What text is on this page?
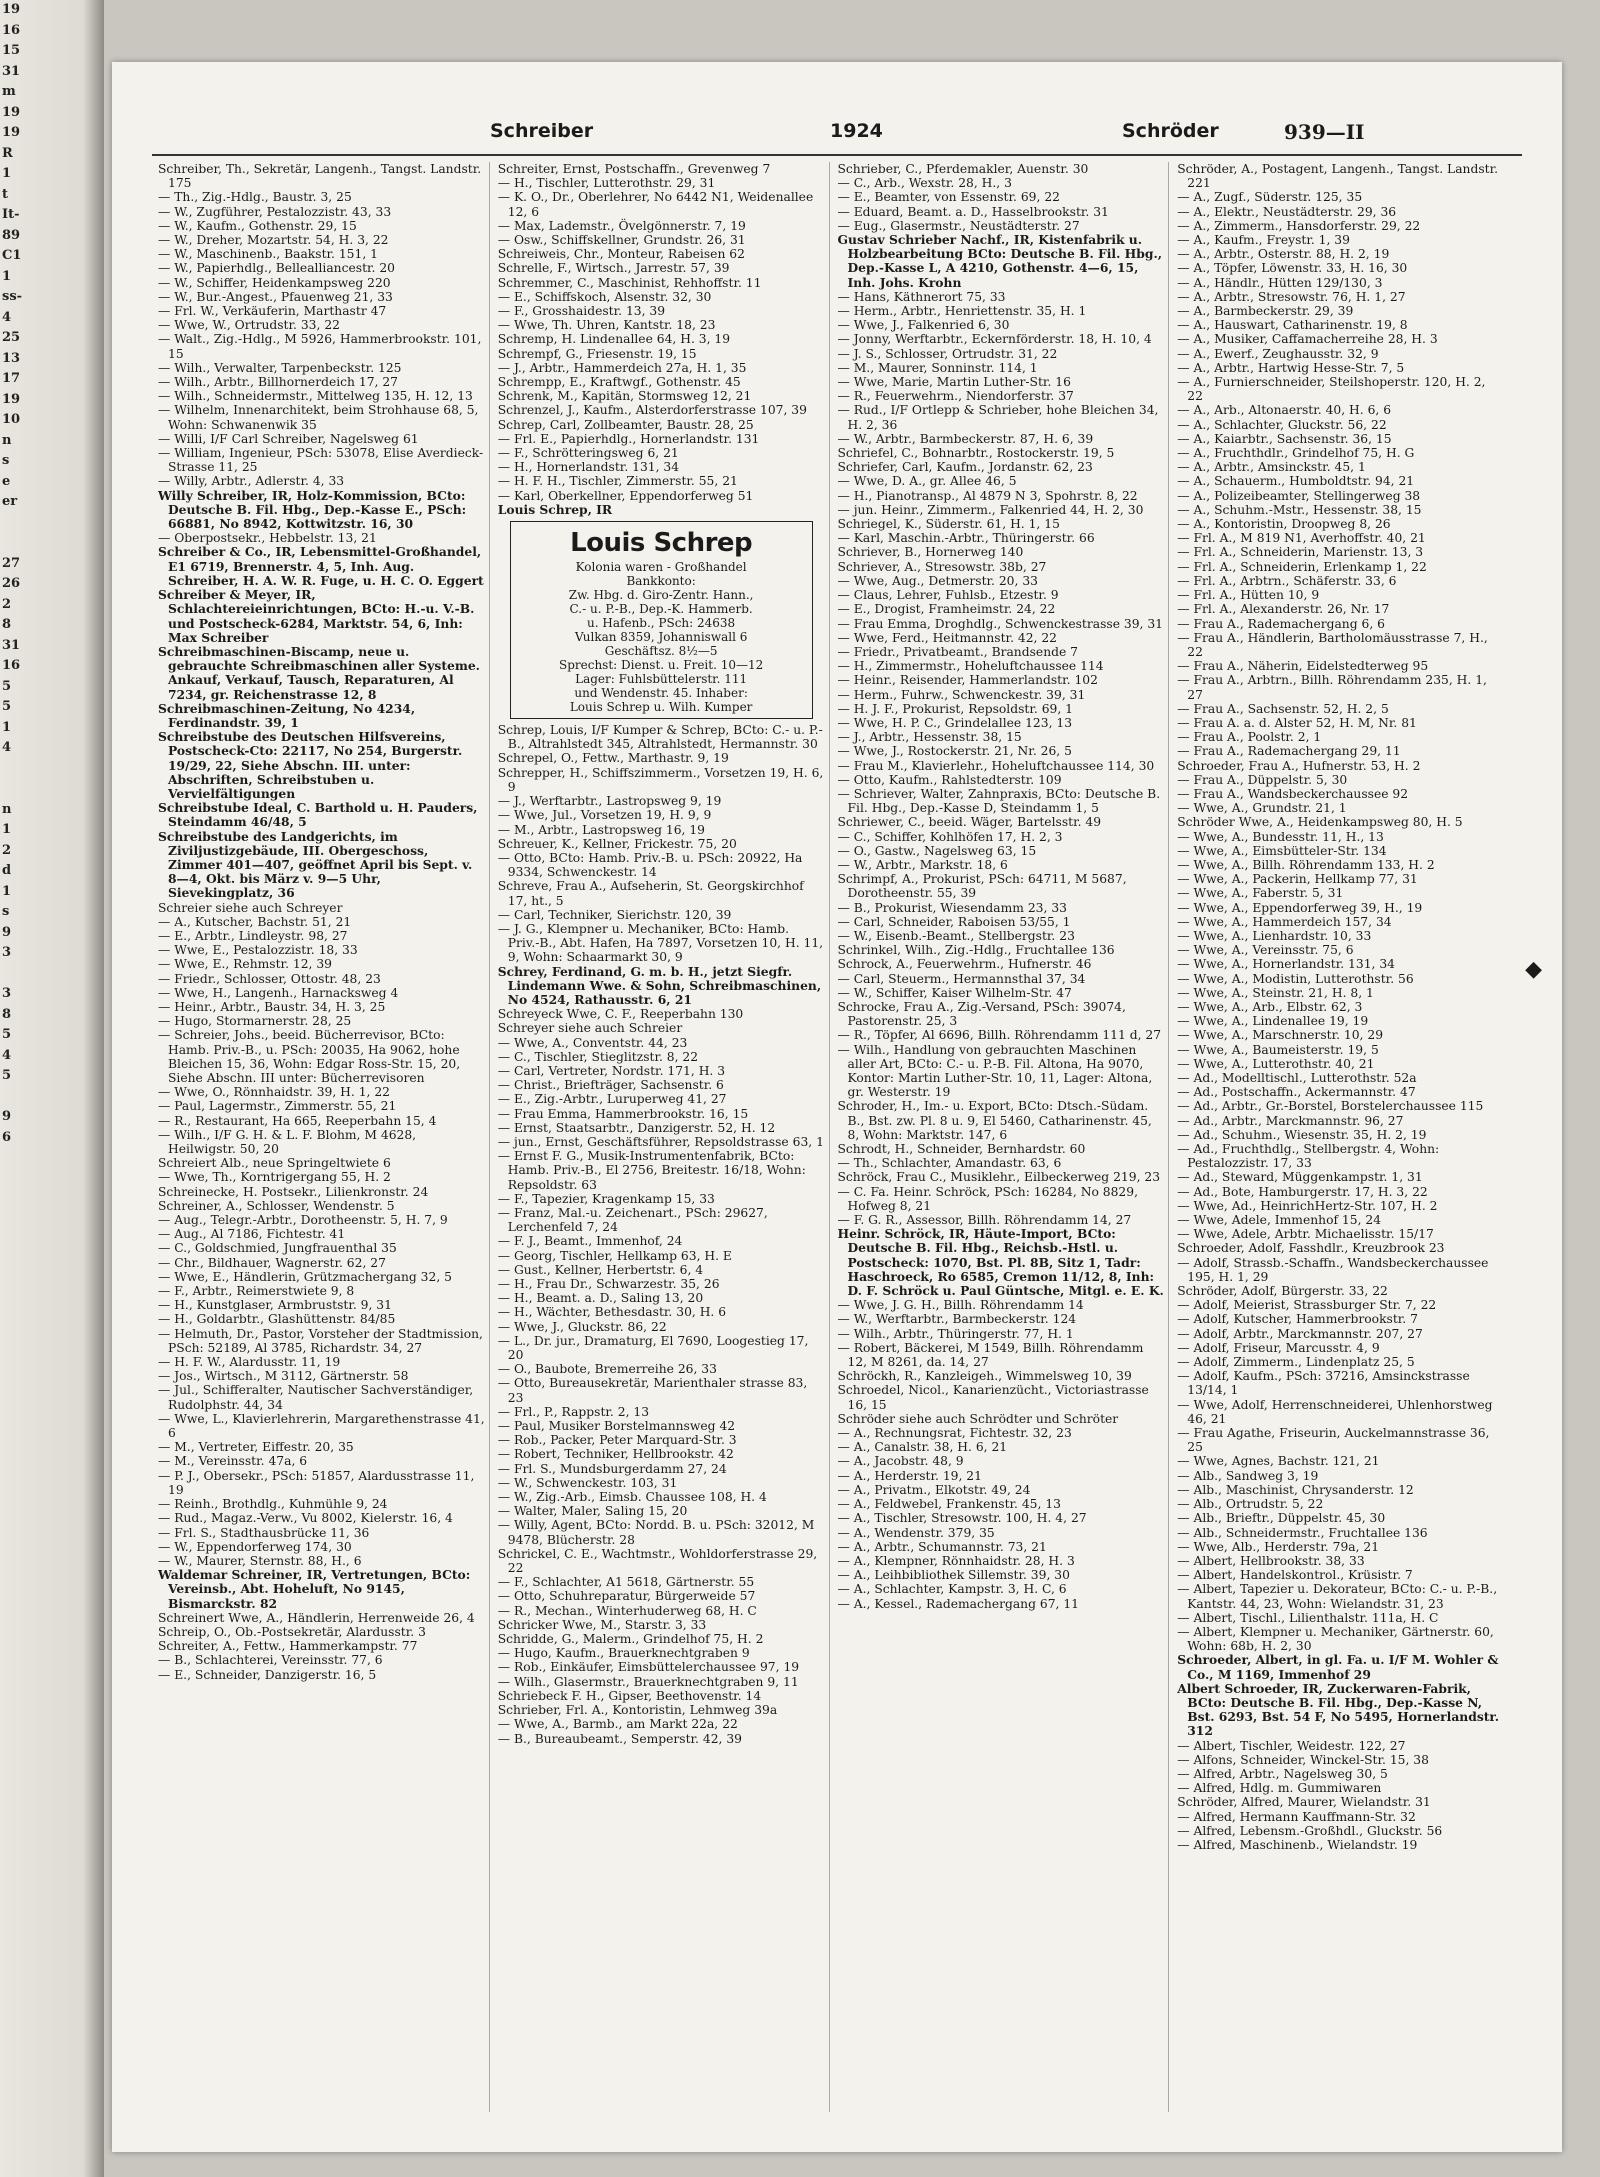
19
16
15
31
m
19
19
R
1
t
It-
89
C1
1
ss-
4
25
13
17
19
10
n
s
e
er
27
26
2
8
31
16
5
5
1
4
n
1
2
d
1
s
9
3
3
8
5
4
5
9
6
Schreiber	1924	Schröder	939—II

Schreiber, Th., Sekretär, Langenh., Tangst. Landstr. 175

— Th., Zig.-Hdlg., Baustr. 3, 25

— W., Zugführer, Pestalozzistr. 43, 33

— W., Kaufm., Gothenstr. 29, 15

— W., Dreher, Mozartstr. 54, H. 3, 22

— W., Maschinenb., Baakstr. 151, 1

— W., Papierhdlg., Bellealliancestr. 20

— W., Schiffer, Heidenkampsweg 220

— W., Bur.-Angest., Pfauenweg 21, 33

— Frl. W., Verkäuferin, Marthastr 47

— Wwe, W., Ortrudstr. 33, 22

— Walt., Zig.-Hdlg., M 5926, Hammerbrookstr. 101, 15

— Wilh., Verwalter, Tarpenbeckstr. 125

— Wilh., Arbtr., Billhornerdeich 17, 27

— Wilh., Schneidermstr., Mittelweg 135, H. 12, 13

— Wilhelm, Innenarchitekt, beim Strohhause 68, 5, Wohn: Schwanenwik 35

— Willi, I/F Carl Schreiber, Nagelsweg 61

— William, Ingenieur, PSch: 53078, Elise Averdieck-Strasse 11, 25

— Willy, Arbtr., Adlerstr. 4, 33

Willy Schreiber, IR, Holz-Kommission, BCto: Deutsche B. Fil. Hbg., Dep.-Kasse E., PSch: 66881, No 8942, Kottwitzstr. 16, 30

— Oberpostsekr., Hebbelstr. 13, 21

Schreiber & Co., IR, Lebensmittel-Großhandel, E1 6719, Brennerstr. 4, 5, Inh. Aug. Schreiber, H. A. W. R. Fuge, u. H. C. O. Eggert

Schreiber & Meyer, IR, Schlachtereieinrichtungen, BCto: H.-u. V.-B. und Postscheck-6284, Marktstr. 54, 6, Inh: Max Schreiber

Schreibmaschinen-Biscamp, neue u. gebrauchte Schreibmaschinen aller Systeme. Ankauf, Verkauf, Tausch, Reparaturen, Al 7234, gr. Reichenstrasse 12, 8

Schreibmaschinen-Zeitung, No 4234, Ferdinandstr. 39, 1

Schreibstube des Deutschen Hilfsvereins, Postscheck-Cto: 22117, No 254, Burgerstr. 19/29, 22, Siehe Abschn. III. unter: Abschriften, Schreibstuben u. Vervielfältigungen

Schreibstube Ideal, C. Barthold u. H. Pauders, Steindamm 46/48, 5

Schreibstube des Landgerichts, im Ziviljustizgebäude, III. Obergeschoss, Zimmer 401—407, geöffnet April bis Sept. v. 8—4, Okt. bis März v. 9—5 Uhr, Sievekingplatz, 36

Schreier siehe auch Schreyer

— A., Kutscher, Bachstr. 51, 21

— E., Arbtr., Lindleystr. 98, 27

— Wwe, E., Pestalozzistr. 18, 33

— Wwe, E., Rehmstr. 12, 39

— Friedr., Schlosser, Ottostr. 48, 23

— Wwe, H., Langenh., Harnacksweg 4

— Heinr., Arbtr., Baustr. 34, H. 3, 25

— Hugo, Stormarnerstr. 28, 25

— Schreier, Johs., beeid. Bücherrevisor, BCto: Hamb. Priv.-B., u. PSch: 20035, Ha 9062, hohe Bleichen 15, 36, Wohn: Edgar Ross-Str. 15, 20, Siehe Abschn. III unter: Bücherrevisoren

— Wwe, O., Rönnhaidstr. 39, H. 1, 22

— Paul, Lagermstr., Zimmerstr. 55, 21

— R., Restaurant, Ha 665, Reeperbahn 15, 4

— Wilh., I/F G. H. & L. F. Blohm, M 4628, Heilwigstr. 50, 20

Schreiert Alb., neue Springeltwiete 6

— Wwe, Th., Korntrigergang 55, H. 2

Schreinecke, H. Postsekr., Lilienkronstr. 24

Schreiner, A., Schlosser, Wendenstr. 5

— Aug., Telegr.-Arbtr., Dorotheenstr. 5, H. 7, 9

— Aug., Al 7186, Fichtestr. 41

— C., Goldschmied, Jungfrauenthal 35

— Chr., Bildhauer, Wagnerstr. 62, 27

— Wwe, E., Händlerin, Grützmachergang 32, 5

— F., Arbtr., Reimerstwiete 9, 8

— H., Kunstglaser, Armbruststr. 9, 31

— H., Goldarbtr., Glashüttenstr. 84/85

— Helmuth, Dr., Pastor, Vorsteher der Stadtmission, PSch: 52189, Al 3785, Richardstr. 34, 27

— H. F. W., Alardusstr. 11, 19

— Jos., Wirtsch., M 3112, Gärtnerstr. 58

— Jul., Schifferalter, Nautischer Sachverständiger, Rudolphstr. 44, 34

— Wwe, L., Klavierlehrerin, Margarethenstrasse 41, 6

— M., Vertreter, Eiffestr. 20, 35

— M., Vereinsstr. 47a, 6

— P. J., Obersekr., PSch: 51857, Alardusstrasse 11, 19

— Reinh., Brothdlg., Kuhmühle 9, 24

— Rud., Magaz.-Verw., Vu 8002, Kielerstr. 16, 4

— Frl. S., Stadthausbrücke 11, 36

— W., Eppendorferweg 174, 30

— W., Maurer, Sternstr. 88, H., 6

Waldemar Schreiner, IR, Vertretungen, BCto: Vereinsb., Abt. Hoheluft, No 9145, Bismarckstr. 82

Schreinert Wwe, A., Händlerin, Herrenweide 26, 4

Schreip, O., Ob.-Postsekretär, Alardusstr. 3

Schreiter, A., Fettw., Hammerkampstr. 77

— B., Schlachterei, Vereinsstr. 77, 6

— E., Schneider, Danzigerstr. 16, 5

Schreiter, Ernst, Postschaffn., Grevenweg 7

— H., Tischler, Lutterothstr. 29, 31

— K. O., Dr., Oberlehrer, No 6442 N1, Weidenallee 12, 6

— Max, Lademstr., Övelgönnerstr. 7, 19

— Osw., Schiffskellner, Grundstr. 26, 31

Schreiweis, Chr., Monteur, Rabeisen 62

Schrelle, F., Wirtsch., Jarrestr. 57, 39

Schremmer, C., Maschinist, Rehhoffstr. 11

— E., Schiffskoch, Alsenstr. 32, 30

— F., Grosshaidestr. 13, 39

— Wwe, Th. Uhren, Kantstr. 18, 23

Schremp, H. Lindenallee 64, H. 3, 19

Schrempf, G., Friesenstr. 19, 15

— J., Arbtr., Hammerdeich 27a, H. 1, 35

Schrempp, E., Kraftwgf., Gothenstr. 45

Schrenk, M., Kapitän, Stormsweg 12, 21

Schrenzel, J., Kaufm., Alsterdorferstrasse 107, 39

Schrep, Carl, Zollbeamter, Baustr. 28, 25

— Frl. E., Papierhdlg., Hornerlandstr. 131

— F., Schrötteringsweg 6, 21

— H., Hornerlandstr. 131, 34

— H. F. H., Tischler, Zimmerstr. 55, 21

— Karl, Oberkellner, Eppendorferweg 51

Louis Schrep, IR

Louis Schrep
Kolonia waren - Großhandel
Bankkonto:
Zw. Hbg. d. Giro-Zentr. Hann.,
C.- u. P.-B., Dep.-K. Hammerb.
u. Hafenb., PSch: 24638
Vulkan 8359, Johanniswall 6
Geschäftsz. 8½—5
Sprechst: Dienst. u. Freit. 10—12
Lager: Fuhlsbüttelerstr. 111
und Wendenstr. 45. Inhaber:
Louis Schrep u. Wilh. Kumper

Schrep, Louis, I/F Kumper & Schrep, BCto: C.- u. P.-B., Altrahlstedt 345, Altrahlstedt, Hermannstr. 30

Schrepel, O., Fettw., Marthastr. 9, 19

Schrepper, H., Schiffszimmerm., Vorsetzen 19, H. 6, 9

— J., Werftarbtr., Lastropsweg 9, 19

— Wwe, Jul., Vorsetzen 19, H. 9, 9

— M., Arbtr., Lastropsweg 16, 19

Schreuer, K., Kellner, Frickestr. 75, 20

— Otto, BCto: Hamb. Priv.-B. u. PSch: 20922, Ha 9334, Schwenckestr. 14

Schreve, Frau A., Aufseherin, St. Georgskirchhof 17, ht., 5

— Carl, Techniker, Sierichstr. 120, 39

— J. G., Klempner u. Mechaniker, BCto: Hamb. Priv.-B., Abt. Hafen, Ha 7897, Vorsetzen 10, H. 11, 9, Wohn: Schaarmarkt 30, 9

Schrey, Ferdinand, G. m. b. H., jetzt Siegfr. Lindemann Wwe. & Sohn, Schreibmaschinen, No 4524, Rathausstr. 6, 21

Schreyeck Wwe, C. F., Reeperbahn 130

Schreyer siehe auch Schreier

— Wwe, A., Conventstr. 44, 23

— C., Tischler, Stieglitzstr. 8, 22

— Carl, Vertreter, Nordstr. 171, H. 3

— Christ., Briefträger, Sachsenstr. 6

— E., Zig.-Arbtr., Luruperweg 41, 27

— Frau Emma, Hammerbrookstr. 16, 15

— Ernst, Staatsarbtr., Danzigerstr. 52, H. 12

— jun., Ernst, Geschäftsführer, Repsoldstrasse 63, 1

— Ernst F. G., Musik-Instrumentenfabrik, BCto: Hamb. Priv.-B., El 2756, Breitestr. 16/18, Wohn: Repsoldstr. 63

— F., Tapezier, Kragenkamp 15, 33

— Franz, Mal.-u. Zeichenart., PSch: 29627, Lerchenfeld 7, 24

— F. J., Beamt., Immenhof, 24

— Georg, Tischler, Hellkamp 63, H. E

— Gust., Kellner, Herbertstr. 6, 4

— H., Frau Dr., Schwarzestr. 35, 26

— H., Beamt. a. D., Saling 13, 20

— H., Wächter, Bethesdastr. 30, H. 6

— Wwe, J., Gluckstr. 86, 22

— L., Dr. jur., Dramaturg, El 7690, Loogestieg 17, 20

— O., Baubote, Bremerreihe 26, 33

— Otto, Bureausekretär, Marienthaler strasse 83, 23

— Frl., P., Rappstr. 2, 13

— Paul, Musiker Borstelmannsweg 42

— Rob., Packer, Peter Marquard-Str. 3

— Robert, Techniker, Hellbrookstr. 42

— Frl. S., Mundsburgerdamm 27, 24

— W., Schwenckestr. 103, 31

— W., Zig.-Arb., Eimsb. Chaussee 108, H. 4

— Walter, Maler, Saling 15, 20

— Willy, Agent, BCto: Nordd. B. u. PSch: 32012, M 9478, Blücherstr. 28

Schrickel, C. E., Wachtmstr., Wohldorferstrasse 29, 22

— F., Schlachter, A1 5618, Gärtnerstr. 55

— Otto, Schuhreparatur, Bürgerweide 57

— R., Mechan., Winterhuderweg 68, H. C

Schricker Wwe, M., Starstr. 3, 33

Schridde, G., Malerm., Grindelhof 75, H. 2

— Hugo, Kaufm., Brauerknechtgraben 9

— Rob., Einkäufer, Eimsbüttelerchaussee 97, 19

— Wilh., Glasermstr., Brauerknechtgraben 9, 11

Schriebeck F. H., Gipser, Beethovenstr. 14

Schrieber, Frl. A., Kontoristin, Lehmweg 39a

— Wwe, A., Barmb., am Markt 22a, 22

— B., Bureaubeamt., Semperstr. 42, 39

Schrieber, C., Pferdemakler, Auenstr. 30

— C., Arb., Wexstr. 28, H., 3

— E., Beamter, von Essenstr. 69, 22

— Eduard, Beamt. a. D., Hasselbrookstr. 31

— Eug., Glasermstr., Neustädterstr. 27

Gustav Schrieber Nachf., IR, Kistenfabrik u. Holzbearbeitung BCto: Deutsche B. Fil. Hbg., Dep.-Kasse L, A 4210, Gothenstr. 4—6, 15, Inh. Johs. Krohn

— Hans, Käthnerort 75, 33

— Herm., Arbtr., Henriettenstr. 35, H. 1

— Wwe, J., Falkenried 6, 30

— Jonny, Werftarbtr., Eckernförderstr. 18, H. 10, 4

— J. S., Schlosser, Ortrudstr. 31, 22

— M., Maurer, Sonninstr. 114, 1

— Wwe, Marie, Martin Luther-Str. 16

— R., Feuerwehrm., Niendorferstr. 37

— Rud., I/F Ortlepp & Schrieber, hohe Bleichen 34, H. 2, 36

— W., Arbtr., Barmbeckerstr. 87, H. 6, 39

Schriefel, C., Bohnarbtr., Rostockerstr. 19, 5

Schriefer, Carl, Kaufm., Jordanstr. 62, 23

— Wwe, D. A., gr. Allee 46, 5

— H., Pianotransp., Al 4879 N 3, Spohrstr. 8, 22

— jun. Heinr., Zimmerm., Falkenried 44, H. 2, 30

Schriegel, K., Süderstr. 61, H. 1, 15

— Karl, Maschin.-Arbtr., Thüringerstr. 66

Schriever, B., Hornerweg 140

Schriever, A., Stresowstr. 38b, 27

— Wwe, Aug., Detmerstr. 20, 33

— Claus, Lehrer, Fuhlsb., Etzestr. 9

— E., Drogist, Framheimstr. 24, 22

— Frau Emma, Droghdlg., Schwenckestrasse 39, 31

— Wwe, Ferd., Heitmannstr. 42, 22

— Friedr., Privatbeamt., Brandsende 7

— H., Zimmermstr., Hoheluftchaussee 114

— Heinr., Reisender, Hammerlandstr. 102

— Herm., Fuhrw., Schwenckestr. 39, 31

— H. J. F., Prokurist, Repsoldstr. 69, 1

— Wwe, H. P. C., Grindelallee 123, 13

— J., Arbtr., Hessenstr. 38, 15

— Wwe, J., Rostockerstr. 21, Nr. 26, 5

— Frau M., Klavierlehr., Hoheluftchaussee 114, 30

— Otto, Kaufm., Rahlstedterstr. 109

— Schriever, Walter, Zahnpraxis, BCto: Deutsche B. Fil. Hbg., Dep.-Kasse D, Steindamm 1, 5

Schriewer, C., beeid. Wäger, Bartelsstr. 49

— C., Schiffer, Kohlhöfen 17, H. 2, 3

— O., Gastw., Nagelsweg 63, 15

— W., Arbtr., Markstr. 18, 6

Schrimpf, A., Prokurist, PSch: 64711, M 5687, Dorotheenstr. 55, 39

— B., Prokurist, Wiesendamm 23, 33

— Carl, Schneider, Raboisen 53/55, 1

— W., Eisenb.-Beamt., Stellbergstr. 23

Schrinkel, Wilh., Zig.-Hdlg., Fruchtallee 136

Schrock, A., Feuerwehrm., Hufnerstr. 46

— Carl, Steuerm., Hermannsthal 37, 34

— W., Schiffer, Kaiser Wilhelm-Str. 47

Schrocke, Frau A., Zig.-Versand, PSch: 39074, Pastorenstr. 25, 3

— R., Töpfer, Al 6696, Billh. Röhrendamm 111 d, 27

— Wilh., Handlung von gebrauchten Maschinen aller Art, BCto: C.- u. P.-B. Fil. Altona, Ha 9070, Kontor: Martin Luther-Str. 10, 11, Lager: Altona, gr. Westerstr. 19

Schroder, H., Im.- u. Export, BCto: Dtsch.-Südam. B., Bst. zw. Pl. 8 u. 9, El 5460, Catharinenstr. 45, 8, Wohn: Marktstr. 147, 6

Schrodt, H., Schneider, Bernhardstr. 60

— Th., Schlachter, Amandastr. 63, 6

Schröck, Frau C., Musiklehr., Eilbeckerweg 219, 23

— C. Fa. Heinr. Schröck, PSch: 16284, No 8829, Hofweg 8, 21

— F. G. R., Assessor, Billh. Röhrendamm 14, 27

Heinr. Schröck, IR, Häute-Import, BCto: Deutsche B. Fil. Hbg., Reichsb.-Hstl. u. Postscheck: 1070, Bst. Pl. 8B, Sitz 1, Tadr: Haschroeck, Ro 6585, Cremon 11/12, 8, Inh: D. F. Schröck u. Paul Güntsche, Mitgl. e. E. K.

— Wwe, J. G. H., Billh. Röhrendamm 14

— W., Werftarbtr., Barmbeckerstr. 124

— Wilh., Arbtr., Thüringerstr. 77, H. 1

— Robert, Bäckerei, M 1549, Billh. Röhrendamm 12, M 8261, da. 14, 27

Schröckh, R., Kanzleigeh., Wimmelsweg 10, 39

Schroedel, Nicol., Kanarienzücht., Victoriastrasse 16, 15

Schröder siehe auch Schrödter und Schröter

— A., Rechnungsrat, Fichtestr. 32, 23

— A., Canalstr. 38, H. 6, 21

— A., Jacobstr. 48, 9

— A., Herderstr. 19, 21

— A., Privatm., Elkotstr. 49, 24

— A., Feldwebel, Frankenstr. 45, 13

— A., Tischler, Stresowstr. 100, H. 4, 27

— A., Wendenstr. 379, 35

— A., Arbtr., Schumannstr. 73, 21

— A., Klempner, Rönnhaidstr. 28, H. 3

— A., Leihbibliothek Sillemstr. 39, 30

— A., Schlachter, Kampstr. 3, H. C, 6

— A., Kessel., Rademachergang 67, 11

Schröder, A., Postagent, Langenh., Tangst. Landstr. 221

— A., Zugf., Süderstr. 125, 35

— A., Elektr., Neustädterstr. 29, 36

— A., Zimmerm., Hansdorferstr. 29, 22

— A., Kaufm., Freystr. 1, 39

— A., Arbtr., Osterstr. 88, H. 2, 19

— A., Töpfer, Löwenstr. 33, H. 16, 30

— A., Händlr., Hütten 129/130, 3

— A., Arbtr., Stresowstr. 76, H. 1, 27

— A., Barmbeckerstr. 29, 39

— A., Hauswart, Catharinenstr. 19, 8

— A., Musiker, Caffamacherreihe 28, H. 3

— A., Ewerf., Zeughausstr. 32, 9

— A., Arbtr., Hartwig Hesse-Str. 7, 5

— A., Furnierschneider, Steilshoperstr. 120, H. 2, 22

— A., Arb., Altonaerstr. 40, H. 6, 6

— A., Schlachter, Gluckstr. 56, 22

— A., Kaiarbtr., Sachsenstr. 36, 15

— A., Fruchthdlr., Grindelhof 75, H. G

— A., Arbtr., Amsinckstr. 45, 1

— A., Schauerm., Humboldtstr. 94, 21

— A., Polizeibeamter, Stellingerweg 38

— A., Schuhm.-Mstr., Hessenstr. 38, 15

— A., Kontoristin, Droopweg 8, 26

— Frl. A., M 819 N1, Averhoffstr. 40, 21

— Frl. A., Schneiderin, Marienstr. 13, 3

— Frl. A., Schneiderin, Erlenkamp 1, 22

— Frl. A., Arbtrn., Schäferstr. 33, 6

— Frl. A., Hütten 10, 9

— Frl. A., Alexanderstr. 26, Nr. 17

— Frau A., Rademachergang 6, 6

— Frau A., Händlerin, Bartholomäusstrasse 7, H., 22

— Frau A., Näherin, Eidelstedterweg 95

— Frau A., Arbtrn., Billh. Röhrendamm 235, H. 1, 27

— Frau A., Sachsenstr. 52, H. 2, 5

— Frau A. a. d. Alster 52, H. M, Nr. 81

— Frau A., Poolstr. 2, 1

— Frau A., Rademachergang 29, 11

Schroeder, Frau A., Hufnerstr. 53, H. 2

— Frau A., Düppelstr. 5, 30

— Frau A., Wandsbeckerchaussee 92

— Wwe, A., Grundstr. 21, 1

Schröder Wwe, A., Heidenkampsweg 80, H. 5

— Wwe, A., Bundesstr. 11, H., 13

— Wwe, A., Eimsbütteler-Str. 134

— Wwe, A., Billh. Röhrendamm 133, H. 2

— Wwe, A., Packerin, Hellkamp 77, 31

— Wwe, A., Faberstr. 5, 31

— Wwe, A., Eppendorferweg 39, H., 19

— Wwe, A., Hammerdeich 157, 34

— Wwe, A., Lienhardstr. 10, 33

— Wwe, A., Vereinsstr. 75, 6

— Wwe, A., Hornerlandstr. 131, 34

— Wwe, A., Modistin, Lutterothstr. 56

— Wwe, A., Steinstr. 21, H. 8, 1

— Wwe, A., Arb., Elbstr. 62, 3

— Wwe, A., Lindenallee 19, 19

— Wwe, A., Marschnerstr. 10, 29

— Wwe, A., Baumeisterstr. 19, 5

— Wwe, A., Lutterothstr. 40, 21

— Ad., Modelltischl., Lutterothstr. 52a

— Ad., Postschaffn., Ackermannstr. 47

— Ad., Arbtr., Gr.-Borstel, Borstelerchaussee 115

— Ad., Arbtr., Marckmannstr. 96, 27

— Ad., Schuhm., Wiesenstr. 35, H. 2, 19

— Ad., Fruchthdlg., Stellbergstr. 4, Wohn: Pestalozzistr. 17, 33

— Ad., Steward, Müggenkampstr. 1, 31

— Ad., Bote, Hamburgerstr. 17, H. 3, 22

— Wwe, Ad., HeinrichHertz-Str. 107, H. 2

— Wwe, Adele, Immenhof 15, 24

— Wwe, Adele, Arbtr. Michaelisstr. 15/17

Schroeder, Adolf, Fasshdlr., Kreuzbrook 23

— Adolf, Strassb.-Schaffn., Wandsbeckerchaussee 195, H. 1, 29

Schröder, Adolf, Bürgerstr. 33, 22

— Adolf, Meierist, Strassburger Str. 7, 22

— Adolf, Kutscher, Hammerbrookstr. 7

— Adolf, Arbtr., Marckmannstr. 207, 27

— Adolf, Friseur, Marcusstr. 4, 9

— Adolf, Zimmerm., Lindenplatz 25, 5

— Adolf, Kaufm., PSch: 37216, Amsinckstrasse 13/14, 1

— Wwe, Adolf, Herrenschneiderei, Uhlenhorstweg 46, 21

— Frau Agathe, Friseurin, Auckelmannstrasse 36, 25

— Wwe, Agnes, Bachstr. 121, 21

— Alb., Sandweg 3, 19

— Alb., Maschinist, Chrysanderstr. 12

— Alb., Ortrudstr. 5, 22

— Alb., Brieftr., Düppelstr. 45, 30

— Alb., Schneidermstr., Fruchtallee 136

— Wwe, Alb., Herderstr. 79a, 21

— Albert, Hellbrookstr. 38, 33

— Albert, Handelskontrol., Krüsistr. 7

— Albert, Tapezier u. Dekorateur, BCto: C.- u. P.-B., Kantstr. 44, 23, Wohn: Wielandstr. 31, 23

— Albert, Tischl., Lilienthalstr. 111a, H. C

— Albert, Klempner u. Mechaniker, Gärtnerstr. 60, Wohn: 68b, H. 2, 30

Schroeder, Albert, in gl. Fa. u. I/F M. Wohler & Co., M 1169, Immenhof 29

Albert Schroeder, IR, Zuckerwaren-Fabrik, BCto: Deutsche B. Fil. Hbg., Dep.-Kasse N, Bst. 6293, Bst. 54 F, No 5495, Hornerlandstr. 312

— Albert, Tischler, Weidestr. 122, 27

— Alfons, Schneider, Winckel-Str. 15, 38

— Alfred, Arbtr., Nagelsweg 30, 5

— Alfred, Hdlg. m. Gummiwaren

Schröder, Alfred, Maurer, Wielandstr. 31

— Alfred, Hermann Kauffmann-Str. 32

— Alfred, Lebensm.-Großhdl., Gluckstr. 56

— Alfred, Maschinenb., Wielandstr. 19

◆
